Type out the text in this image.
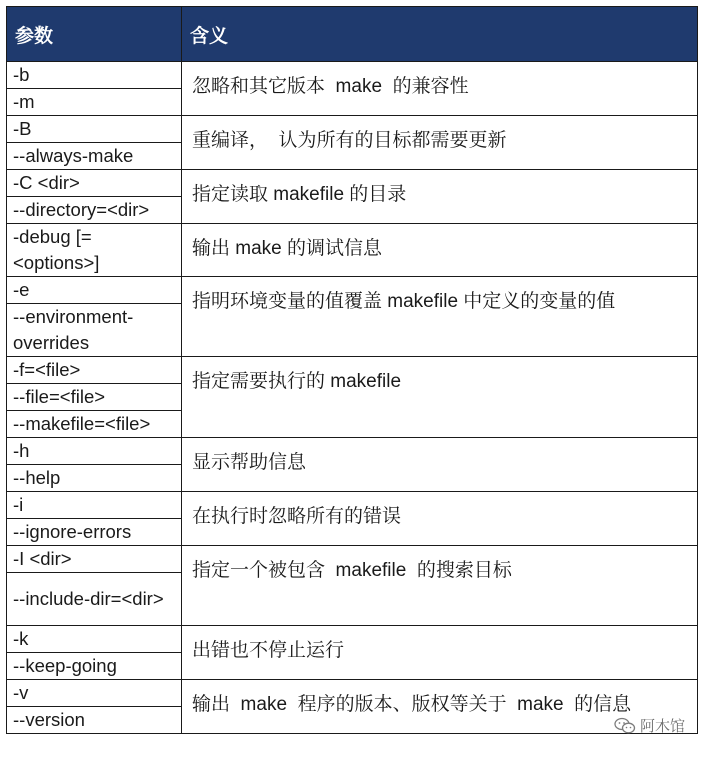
参数	含义
-b	忽略和其它版本  make  的兼容性
-m	
-B	重编译，  认为所有的目标都需要更新
--always-make	
-C <dir>	指定读取 makefile 的目录
--directory=<dir>	
-debug [=<options>]	输出 make 的调试信息
-e	指明环境变量的值覆盖 makefile 中定义的变量的值
--environment-overrides	
-f=<file>	指定需要执行的 makefile
--file=<file>	
--makefile=<file>	
-h	显示帮助信息
--help	
-i	在执行时忽略所有的错误
--ignore-errors	
-I <dir>	指定一个被包含  makefile  的搜索目标
--include-dir=<dir>	
-k	出错也不停止运行
--keep-going	
-v	输出  make  程序的版本、版权等关于  make  的信息
--version		阿木馆
